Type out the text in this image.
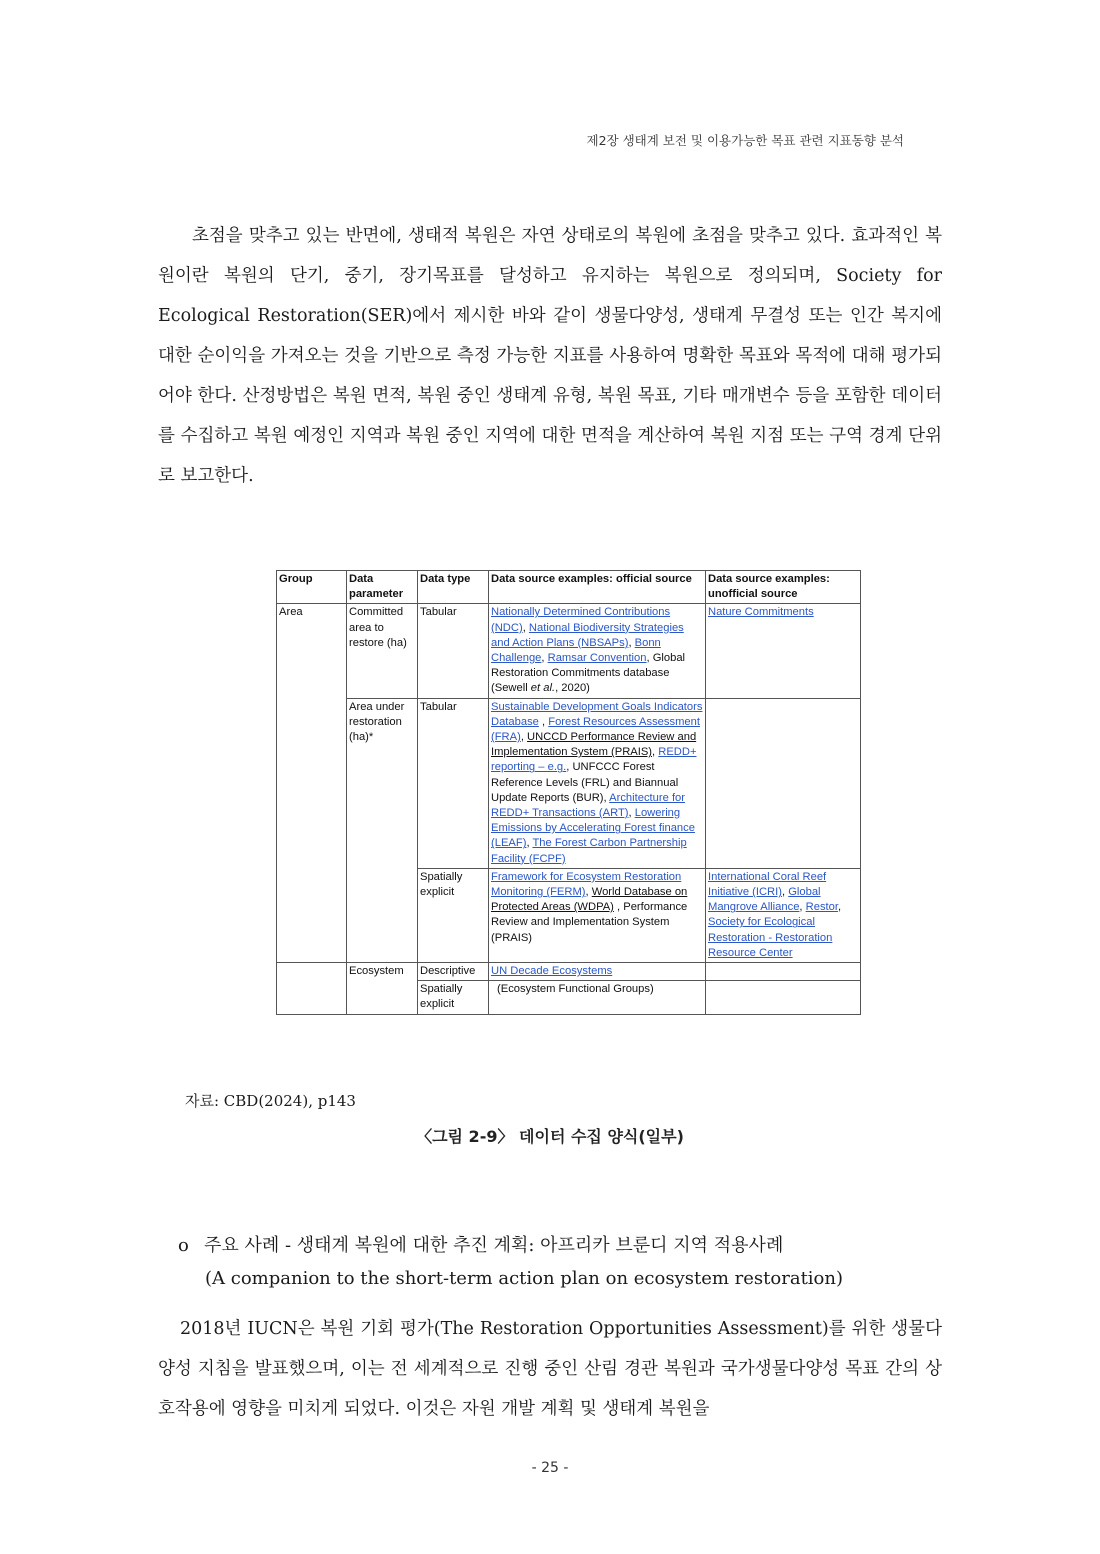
제2장 생태계 보전 및 이용가능한 목표 관련 지표동향 분석

초점을 맞추고 있는 반면에, 생태적 복원은 자연 상태로의 복원에 초점을 맞추고 있다. 효과적인 복원이란 복원의 단기, 중기, 장기목표를 달성하고 유지하는 복원으로 정의되며, Society for Ecological Restoration(SER)에서 제시한 바와 같이 생물다양성, 생태계 무결성 또는 인간 복지에 대한 순이익을 가져오는 것을 기반으로 측정 가능한 지표를 사용하여 명확한 목표와 목적에 대해 평가되어야 한다. 산정방법은 복원 면적, 복원 중인 생태계 유형, 복원 목표, 기타 매개변수 등을 포함한 데이터를 수집하고 복원 예정인 지역과 복원 중인 지역에 대한 면적을 계산하여 복원 지점 또는 구역 경계 단위로 보고한다.

Group	Data parameter	Data type	Data source examples: official source	Data source examples: unofficial source
Area	Committed area to restore (ha)	Tabular	Nationally Determined Contributions (NDC), National Biodiversity Strategies and Action Plans (NBSAPs), Bonn Challenge, Ramsar Convention, Global Restoration Commitments database (Sewell et al., 2020)	Nature Commitments
	Area under restoration (ha)*	Tabular	Sustainable Development Goals Indicators Database , Forest Resources Assessment (FRA), UNCCD Performance Review and Implementation System (PRAIS), REDD+ reporting – e.g., UNFCCC Forest Reference Levels (FRL) and Biannual Update Reports (BUR), Architecture for REDD+ Transactions (ART), Lowering Emissions by Accelerating Forest finance (LEAF), The Forest Carbon Partnership Facility (FCPF)	
		Spatially explicit	Framework for Ecosystem Restoration Monitoring (FERM), World Database on Protected Areas (WDPA) , Performance Review and Implementation System (PRAIS)	International Coral Reef Initiative (ICRI), Global Mangrove Alliance, Restor, Society for Ecological Restoration - Restoration Resource Center
	Ecosystem	Descriptive	UN Decade Ecosystems	
		Spatially explicit	(Ecosystem Functional Groups)	
자료: CBD(2024), p143
〈그림 2-9〉 데이터 수집 양식(일부)
o 주요 사례 - 생태계 복원에 대한 추진 계획: 아프리카 브룬디 지역 적용사례
(A companion to the short-term action plan on ecosystem restoration)

2018년 IUCN은 복원 기회 평가(The Restoration Opportunities Assessment)를 위한 생물다양성 지침을 발표했으며, 이는 전 세계적으로 진행 중인 산림 경관 복원과 국가생물다양성 목표 간의 상호작용에 영향을 미치게 되었다. 이것은 자원 개발 계획 및 생태계 복원을

- 25 -
